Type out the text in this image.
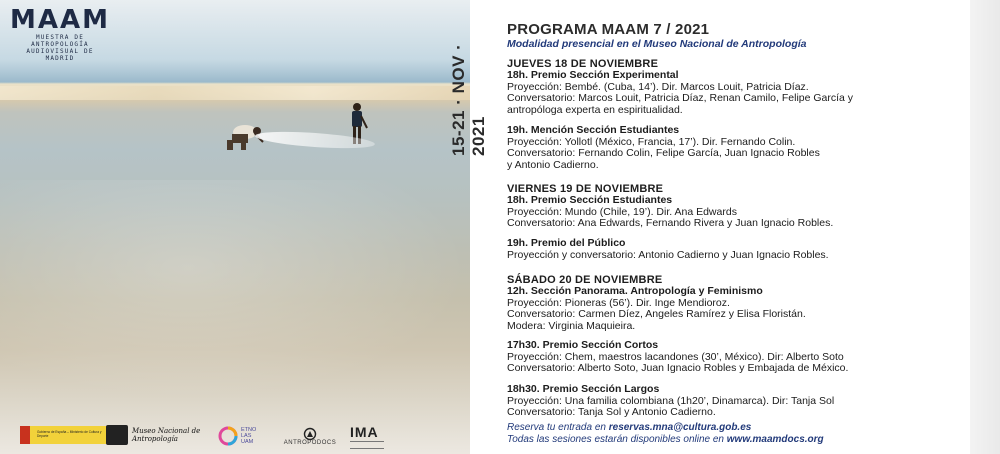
MAAM
MUESTRA DE
ANTROPOLOGÍA
AUDIOVISUAL DE
MADRID	15-21 · NOV · 2021
Gobierno de España – Ministerio de Cultura y Deporte
Museo Nacional de Antropología
ETNO LAS UAM	ANTROPODOCS
IMA
PROGRAMA MAAM 7 / 2021
Modalidad presencial en el Museo Nacional de Antropología
JUEVES 18 DE NOVIEMBRE
18h. Premio Sección Experimental
Proyección: Bembé. (Cuba, 14’). Dir. Marcos Louit, Patricia Díaz.
Conversatorio: Marcos Louit, Patricia Díaz, Renan Camilo, Felipe García y
antropóloga experta en espiritualidad.
19h. Mención Sección Estudiantes
Proyección: Yollotl (México, Francia, 17’). Dir. Fernando Colin.
Conversatorio: Fernando Colin, Felipe García, Juan Ignacio Robles
y Antonio Cadierno.
VIERNES 19 DE NOVIEMBRE
18h. Premio Sección Estudiantes
Proyección: Mundo (Chile, 19’). Dir. Ana Edwards
Conversatorio: Ana Edwards, Fernando Rivera y Juan Ignacio Robles.
19h. Premio del Público
Proyección y conversatorio: Antonio Cadierno y Juan Ignacio Robles.
SÁBADO 20 DE NOVIEMBRE
12h. Sección Panorama. Antropología y Feminismo
Proyección: Pioneras (56’). Dir. Inge Mendioroz.
Conversatorio: Carmen Díez, Angeles Ramírez y Elisa Floristán.
Modera: Virginia Maquieira.
17h30. Premio Sección Cortos
Proyección: Chem, maestros lacandones (30’, México). Dir: Alberto Soto
Conversatorio: Alberto Soto, Juan Ignacio Robles y Embajada de México.
18h30. Premio Sección Largos
Proyección: Una familia colombiana (1h20’, Dinamarca). Dir: Tanja Sol
Conversatorio: Tanja Sol y Antonio Cadierno.
Reserva tu entrada en reservas.mna@cultura.gob.es
Todas las sesiones estarán disponibles online en www.maamdocs.org
